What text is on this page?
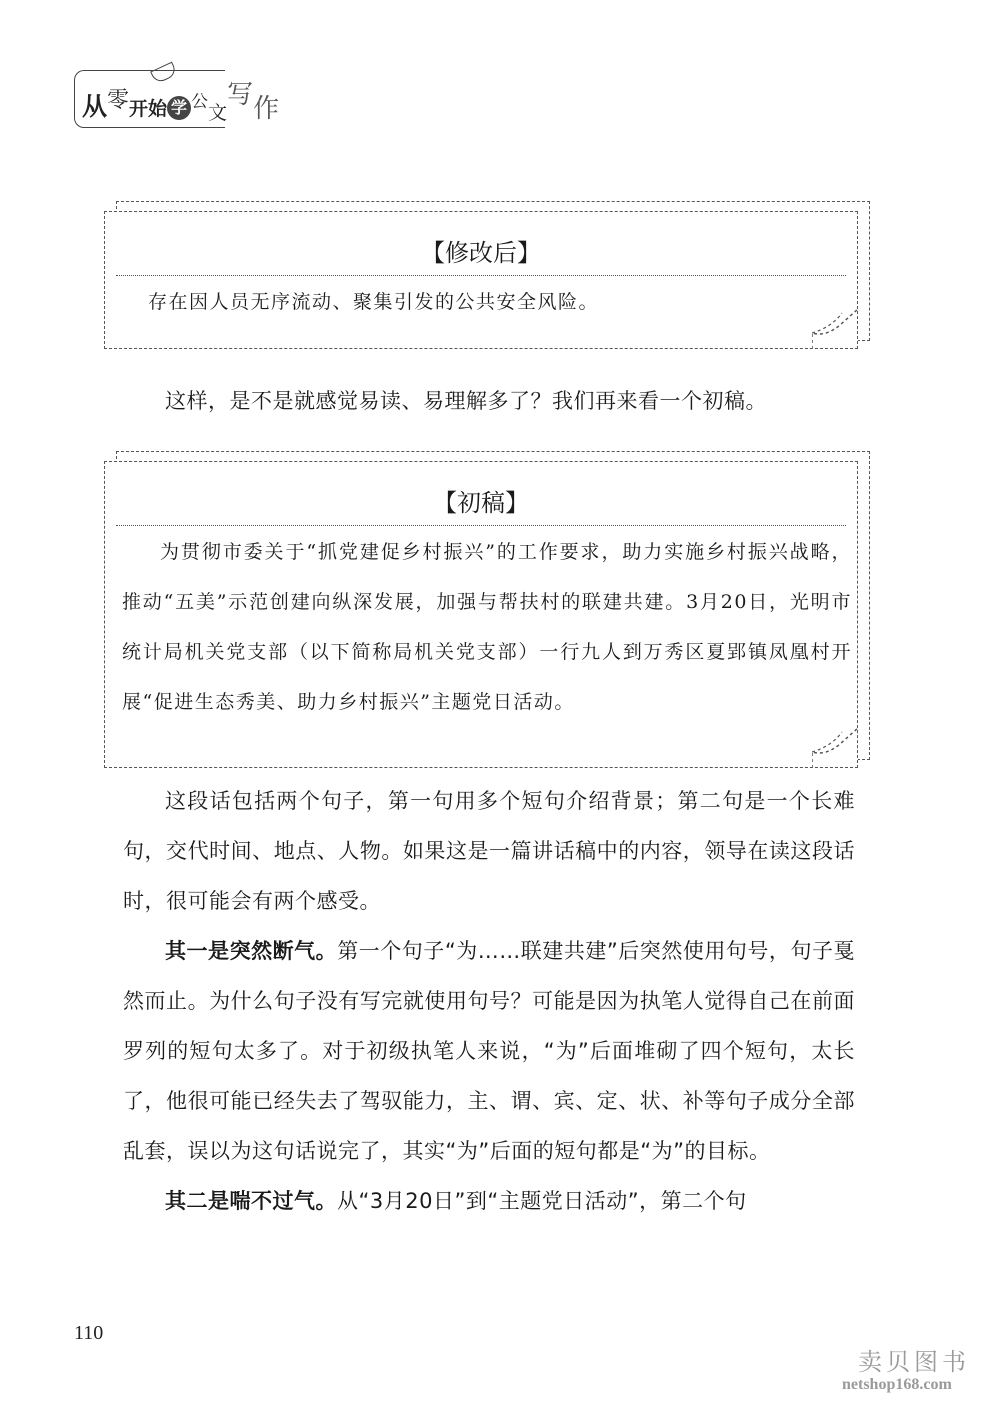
从零开始 学 公文写作
【修改后】

存在因人员无序流动、聚集引发的公共安全风险。

这样，是不是就感觉易读、易理解多了？我们再来看一个初稿。

【初稿】

为贯彻市委关于“抓党建促乡村振兴”的工作要求，助力实施乡村振兴战略，推动“五美”示范创建向纵深发展，加强与帮扶村的联建共建。3月20日，光明市统计局机关党支部（以下简称局机关党支部）一行九人到万秀区夏郢镇凤凰村开展“促进生态秀美、助力乡村振兴”主题党日活动。

这段话包括两个句子，第一句用多个短句介绍背景；第二句是一个长难句，交代时间、地点、人物。如果这是一篇讲话稿中的内容，领导在读这段话时，很可能会有两个感受。

其一是突然断气。第一个句子“为……联建共建”后突然使用句号，句子戛然而止。为什么句子没有写完就使用句号？可能是因为执笔人觉得自己在前面罗列的短句太多了。对于初级执笔人来说，“为”后面堆砌了四个短句，太长了，他很可能已经失去了驾驭能力，主、谓、宾、定、状、补等句子成分全部乱套，误以为这句话说完了，其实“为”后面的短句都是“为”的目标。

其二是喘不过气。从“3月20日”到“主题党日活动”，第二个句

110
卖贝图书
netshop168.com
